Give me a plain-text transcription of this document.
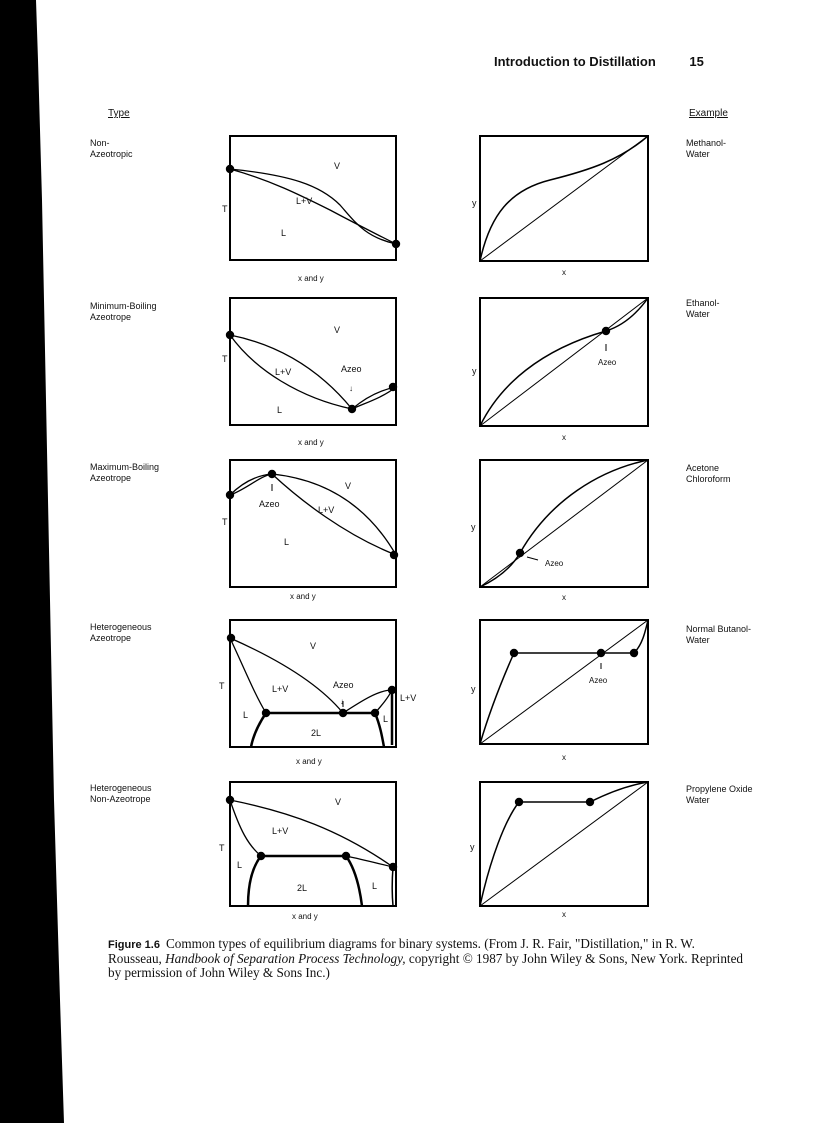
Introduction to Distillation	15
Type	Example
Non-
Azeotropic
Minimum-Boiling
Azeotrope
Maximum-Boiling
Azeotrope
Heterogeneous
Azeotrope
Heterogeneous
Non-Azeotrope
Methanol-
Water
Ethanol-
Water
Acetone
Chloroform
Normal Butanol-
Water
Propylene Oxide
Water
V
L+V
L
T
x and y
y
x
V
L+V
L
Azeo
↓
T
x and y
y
Azeo
x
V
L+V
L
Azeo
T
x and y
y
Azeo
x
V
L+V
L
2L
Azeo
↓	L+V
L
T
x and y
y
Azeo
x
V
L+V
L
2L	L
T
x and y
y
x
Figure 1.6 Common types of equilibrium diagrams for binary systems. (From J. R. Fair, "Distillation," in R. W. Rousseau, Handbook of Separation Process Technology, copyright © 1987 by John Wiley & Sons, New York. Reprinted by permission of John Wiley & Sons Inc.)
